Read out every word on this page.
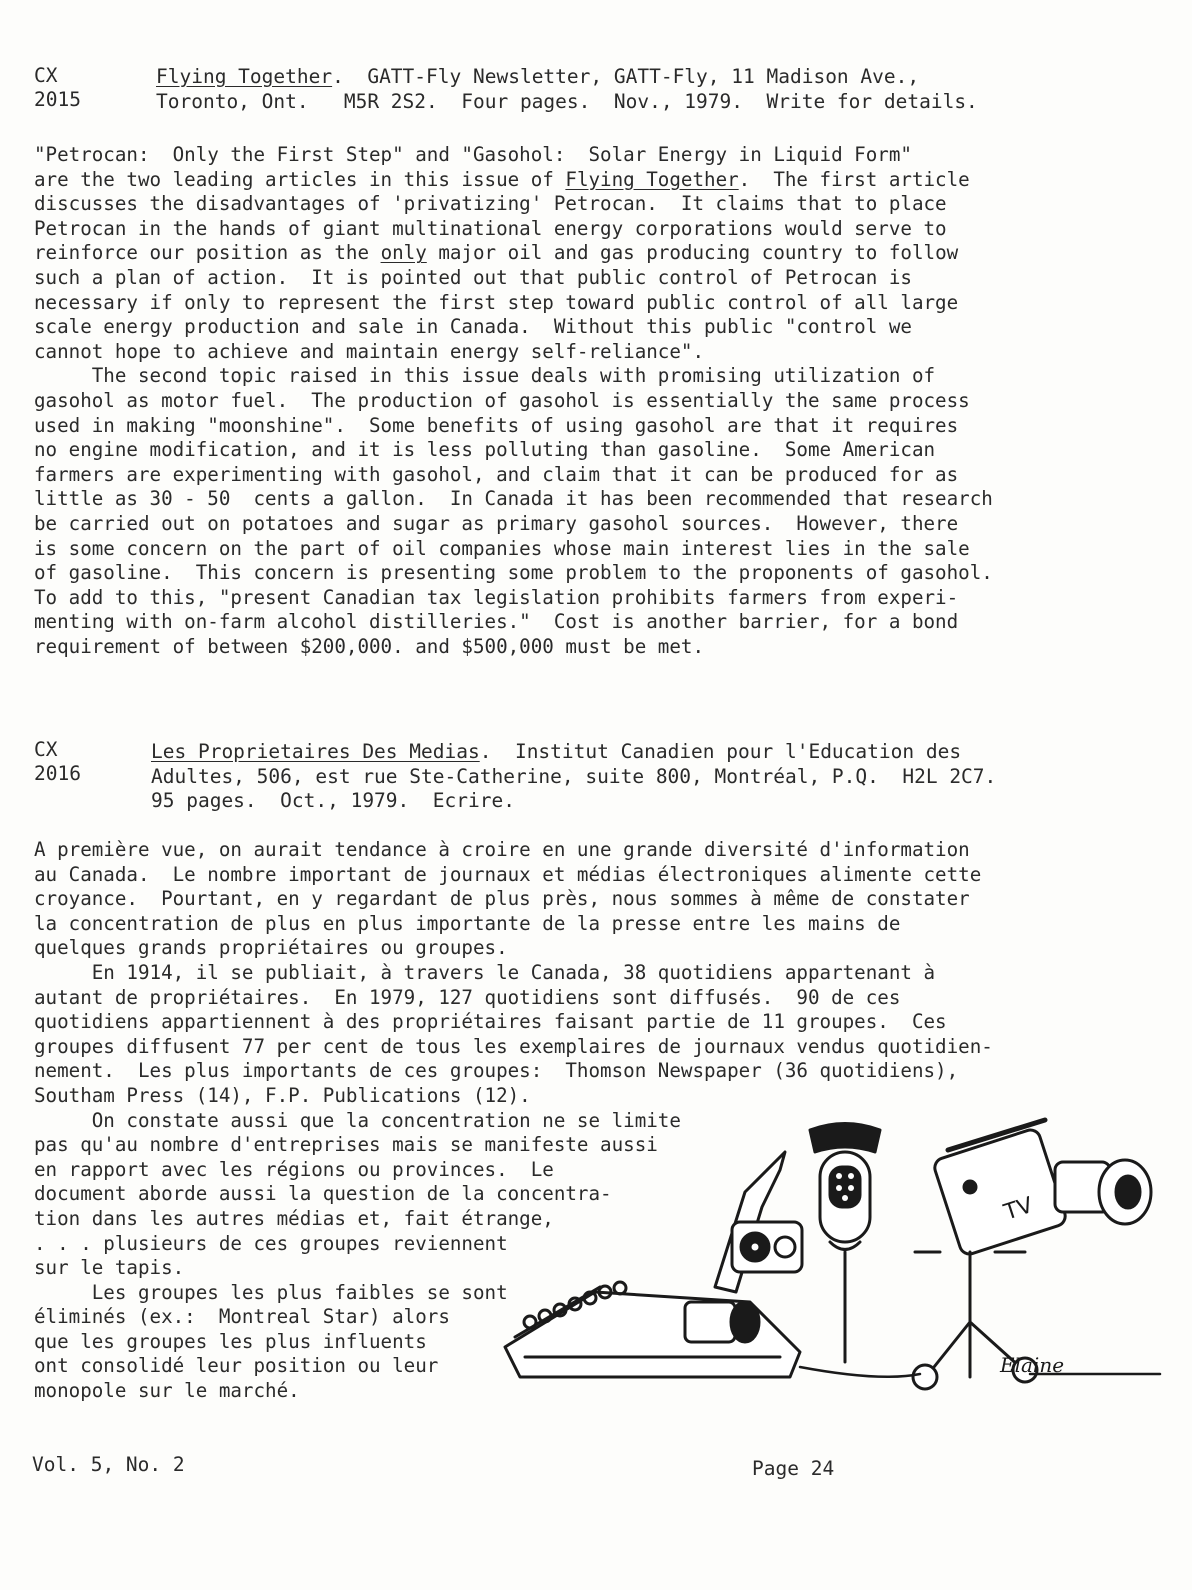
CX
2015
Flying Together.  GATT-Fly Newsletter, GATT-Fly, 11 Madison Ave.,
Toronto, Ont.   M5R 2S2.  Four pages.  Nov., 1979.  Write for details.
"Petrocan:  Only the First Step" and "Gasohol:  Solar Energy in Liquid Form"
are the two leading articles in this issue of Flying Together.  The first article
discusses the disadvantages of 'privatizing' Petrocan.  It claims that to place
Petrocan in the hands of giant multinational energy corporations would serve to
reinforce our position as the only major oil and gas producing country to follow
such a plan of action.  It is pointed out that public control of Petrocan is
necessary if only to represent the first step toward public control of all large
scale energy production and sale in Canada.  Without this public "control we
cannot hope to achieve and maintain energy self-reliance".
The second topic raised in this issue deals with promising utilization of
gasohol as motor fuel.  The production of gasohol is essentially the same process
used in making "moonshine".  Some benefits of using gasohol are that it requires
no engine modification, and it is less polluting than gasoline.  Some American
farmers are experimenting with gasohol, and claim that it can be produced for as
little as 30 - 50  cents a gallon.  In Canada it has been recommended that research
be carried out on potatoes and sugar as primary gasohol sources.  However, there
is some concern on the part of oil companies whose main interest lies in the sale
of gasoline.  This concern is presenting some problem to the proponents of gasohol.
To add to this, "present Canadian tax legislation prohibits farmers from experi-
menting with on-farm alcohol distilleries."  Cost is another barrier, for a bond
requirement of between $200,000. and $500,000 must be met.
CX
2016
Les Proprietaires Des Medias.  Institut Canadien pour l'Education des
Adultes, 506, est rue Ste-Catherine, suite 800, Montréal, P.Q.  H2L 2C7.
95 pages.  Oct., 1979.  Ecrire.
A première vue, on aurait tendance à croire en une grande diversité d'information
au Canada.  Le nombre important de journaux et médias électroniques alimente cette
croyance.  Pourtant, en y regardant de plus près, nous sommes à même de constater
la concentration de plus en plus importante de la presse entre les mains de
quelques grands propriétaires ou groupes.
En 1914, il se publiait, à travers le Canada, 38 quotidiens appartenant à
autant de propriétaires.  En 1979, 127 quotidiens sont diffusés.  90 de ces
quotidiens appartiennent à des propriétaires faisant partie de 11 groupes.  Ces
groupes diffusent 77 per cent de tous les exemplaires de journaux vendus quotidien-
nement.  Les plus importants de ces groupes:  Thomson Newspaper (36 quotidiens),
Southam Press (14), F.P. Publications (12).
On constate aussi que la concentration ne se limite
pas qu'au nombre d'entreprises mais se manifeste aussi
en rapport avec les régions ou provinces.  Le
document aborde aussi la question de la concentra-
tion dans les autres médias et, fait étrange,
. . . plusieurs de ces groupes reviennent
sur le tapis.
Les groupes les plus faibles se sont
éliminés (ex.:  Montreal Star) alors
que les groupes les plus influents
ont consolidé leur position ou leur
monopole sur le marché.
TV
Elaine
Vol. 5, No. 2	Page 24
